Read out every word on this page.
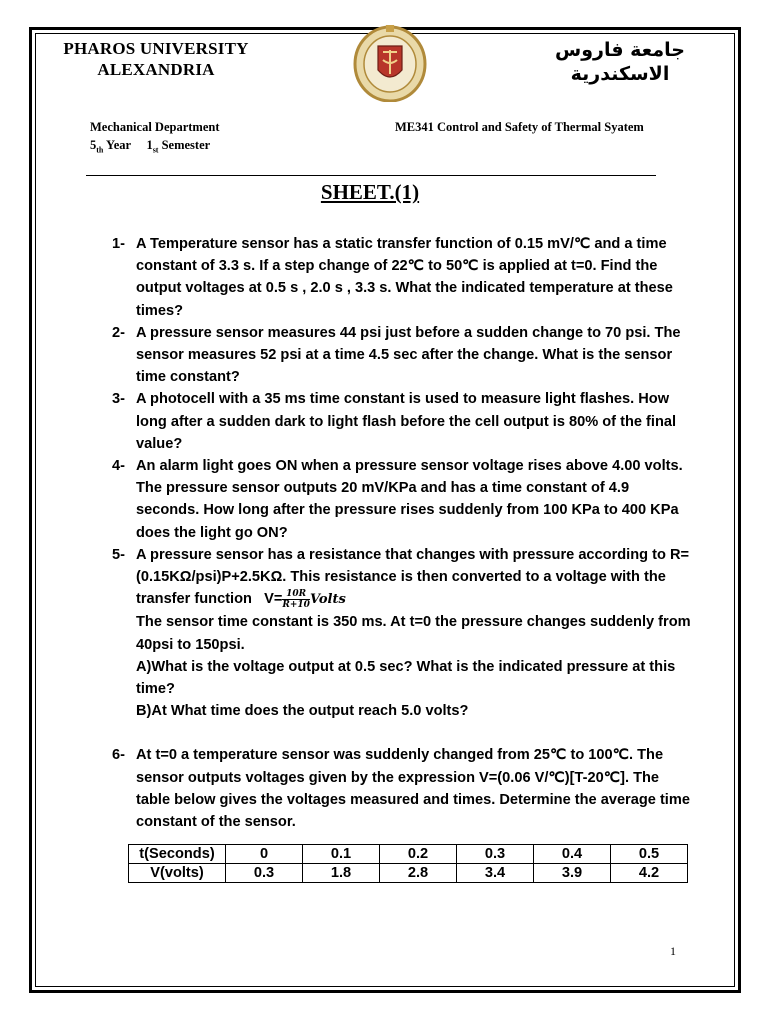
PHAROS UNIVERSITY
ALEXANDRIA
جامعة فاروس
الاسكندرية
Mechanical Department
$5_{th}$ Year $1_{st}$ Semester
ME341 Control and Safety of Thermal Syatem
SHEET.(1)
1- A Temperature sensor has a static transfer function of 0.15 mV/℃ and a time constant of 3.3 s. If a step change of 22℃ to 50℃ is applied at t=0. Find the output voltages at 0.5 s , 2.0 s , 3.3 s. What the indicated temperature at these times?

2- A pressure sensor measures 44 psi just before a sudden change to 70 psi. The sensor measures 52 psi at a time 4.5 sec after the change. What is the sensor time constant?

3- A photocell with a 35 ms time constant is used to measure light flashes. How long after a sudden dark to light flash before the cell output is 80% of the final value?

4- An alarm light goes ON when a pressure sensor voltage rises above 4.00 volts. The pressure sensor outputs 20 mV/KPa and has a time constant of 4.9 seconds. How long after the pressure rises suddenly from 100 KPa to 400 KPa does the light go ON?

5- A pressure sensor has a resistance that changes with pressure according to R=(0.15KΩ/psi)P+2.5KΩ. This resistance is then converted to a voltage with the transfer function $V= \frac{10R}{R+10}$ Volts

The sensor time constant is 350 ms. At t=0 the pressure changes suddenly from 40psi to 150psi.

A)What is the voltage output at 0.5 sec? What is the indicated pressure at this time?

B)At What time does the output reach 5.0 volts?

6- At t=0 a temperature sensor was suddenly changed from 25℃ to 100℃. The sensor outputs voltages given by the expression V=(0.06 V/℃)[T-20℃]. The table below gives the voltages measured and times. Determine the average time constant of the sensor.

t(Seconds)	0	0.1	0.2	0.3	0.4	0.5
V(volts)	0.3	1.8	2.8	3.4	3.9	4.2
1
